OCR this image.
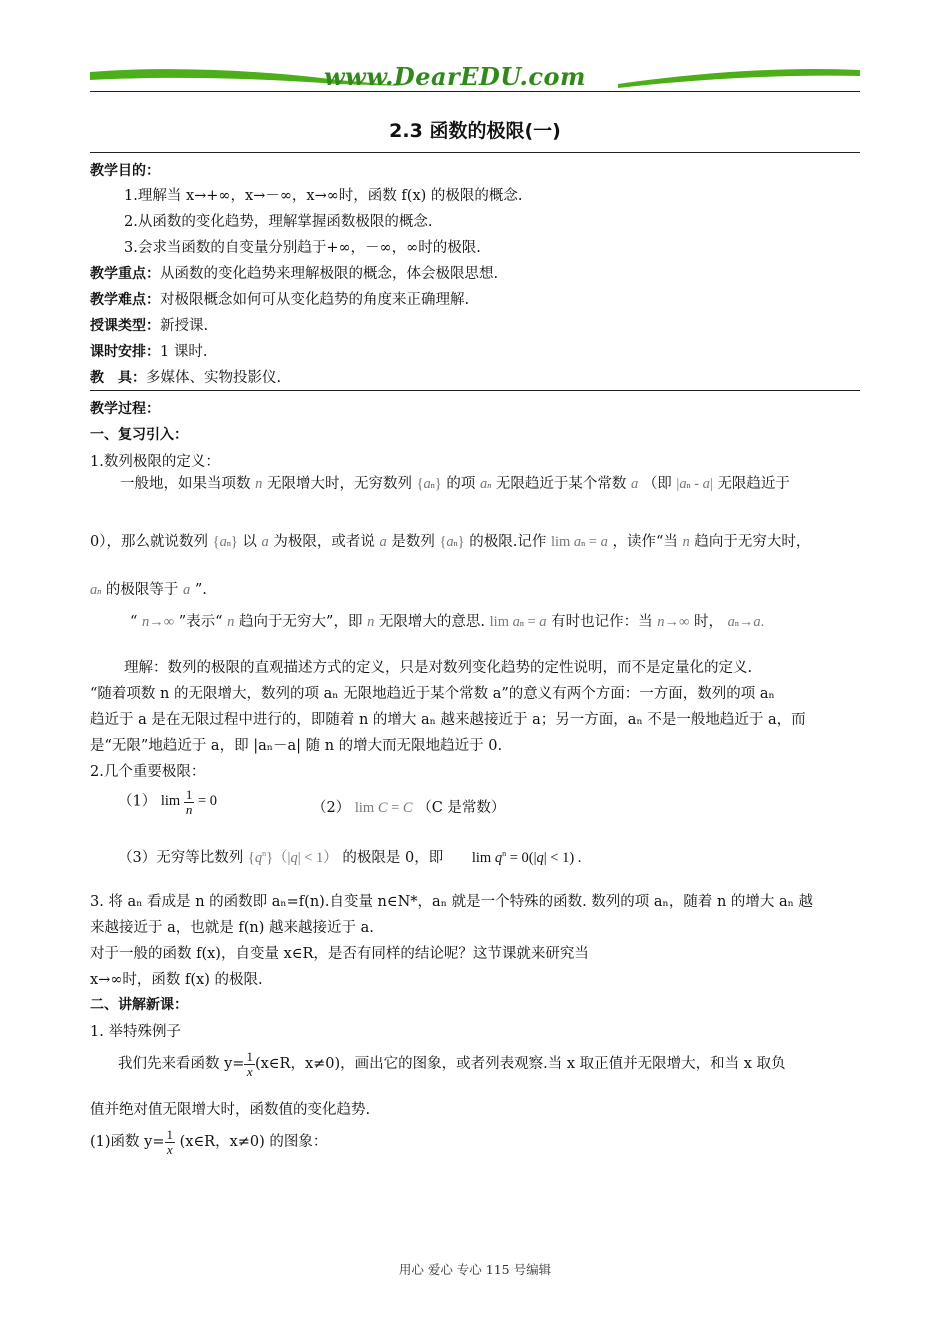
www.DearEDU.com
2.3 函数的极限(一)
教学目的：
1.理解当 x→+∞，x→－∞，x→∞时，函数 f(x) 的极限的概念.
2.从函数的变化趋势，理解掌握函数极限的概念.
3.会求当函数的自变量分别趋于+∞，－∞，∞时的极限.
教学重点：从函数的变化趋势来理解极限的概念，体会极限思想.
教学难点：对极限概念如何可从变化趋势的角度来正确理解.
授课类型：新授课.
课时安排：1 课时.
教　具：多媒体、实物投影仪.
教学过程：
一、复习引入：
1.数列极限的定义：
一般地，如果当项数 n 无限增大时，无穷数列 {an} 的项 an 无限趋近于某个常数 a （即 |an - a| 无限趋近于
0），那么就说数列 {an} 以 a 为极限，或者说 a 是数列 {an} 的极限.记作 lim an = a ，读作“当 n 趋向于无穷大时，
an 的极限等于 a ”.
“ n→∞ ”表示“ n 趋向于无穷大”，即 n 无限增大的意思. lim an = a 有时也记作：当 n→∞ 时， an→a.
理解：数列的极限的直观描述方式的定义，只是对数列变化趋势的定性说明，而不是定量化的定义.
“随着项数 n 的无限增大，数列的项 aₙ 无限地趋近于某个常数 a”的意义有两个方面：一方面，数列的项 aₙ
趋近于 a 是在无限过程中进行的，即随着 n 的增大 aₙ 越来越接近于 a；另一方面，aₙ 不是一般地趋近于 a，而
是“无限”地趋近于 a，即 |aₙ－a| 随 n 的增大而无限地趋近于 0.
2.几个重要极限：
（1） $\lim \frac{1}{n} = 0$	（2） lim C = C （C 是常数）
（3）无穷等比数列 $\{q^n\}(|q| < 1)$ 的极限是 0，即 $\lim q^n = 0(|q| < 1)$ .
3. 将 aₙ 看成是 n 的函数即 aₙ=f(n).自变量 n∈N*，aₙ 就是一个特殊的函数. 数列的项 aₙ，随着 n 的增大 aₙ 越
来越接近于 a，也就是 f(n) 越来越接近于 a.
对于一般的函数 f(x)，自变量 x∈R，是否有同样的结论呢？这节课就来研究当
x→∞时，函数 f(x) 的极限.
二、讲解新课：
1. 举特殊例子
我们先来看函数 $y= \frac{1}{x}$ (x∈R，x≠0)，画出它的图象，或者列表观察.当 x 取正值并无限增大，和当 x 取负
值并绝对值无限增大时，函数值的变化趋势.
(1)函数 $y= \frac{1}{x}$ (x∈R，x≠0) 的图象：
用心 爱心 专心 115 号编辑
